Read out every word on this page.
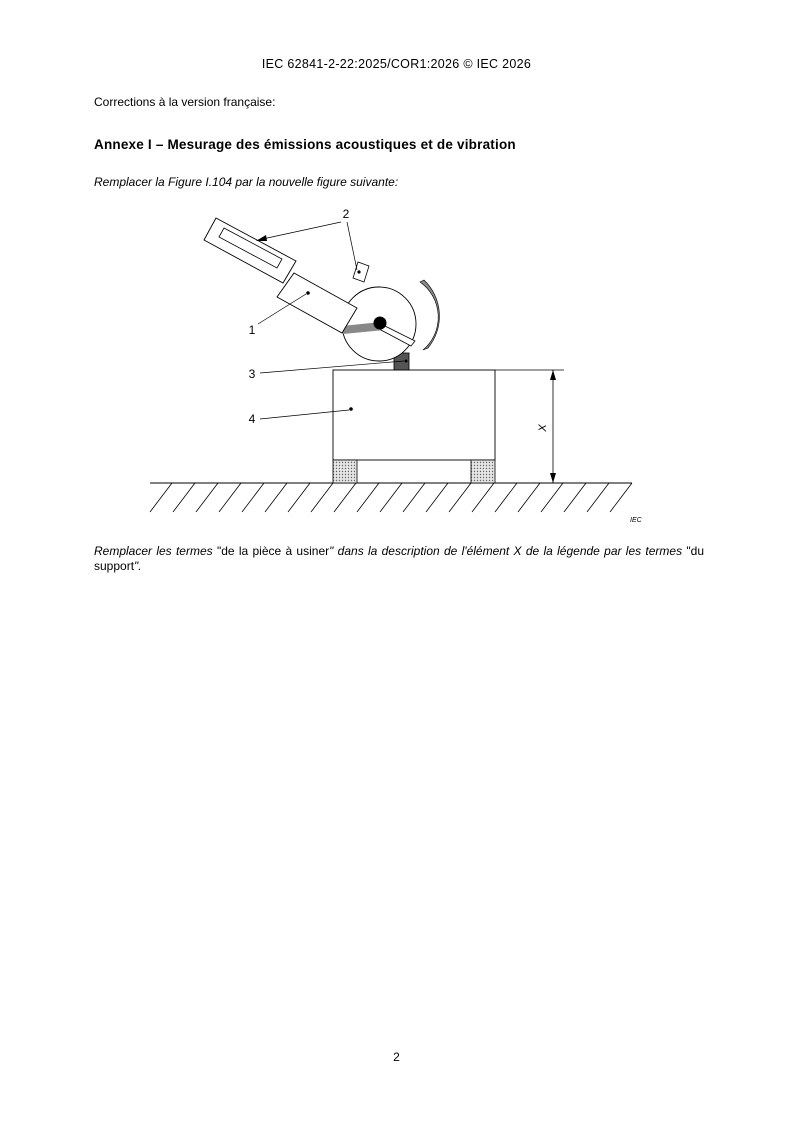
IEC 62841-2-22:2025/COR1:2026 © IEC 2026
Corrections à la version française:
Annexe I – Mesurage des émissions acoustiques et de vibration
Remplacer la Figure I.104 par la nouvelle figure suivante:
X
2
1
3
4
IEC
Remplacer les termes "de la pièce à usiner" dans la description de l'élément X de la légende par les termes "du support".
2
